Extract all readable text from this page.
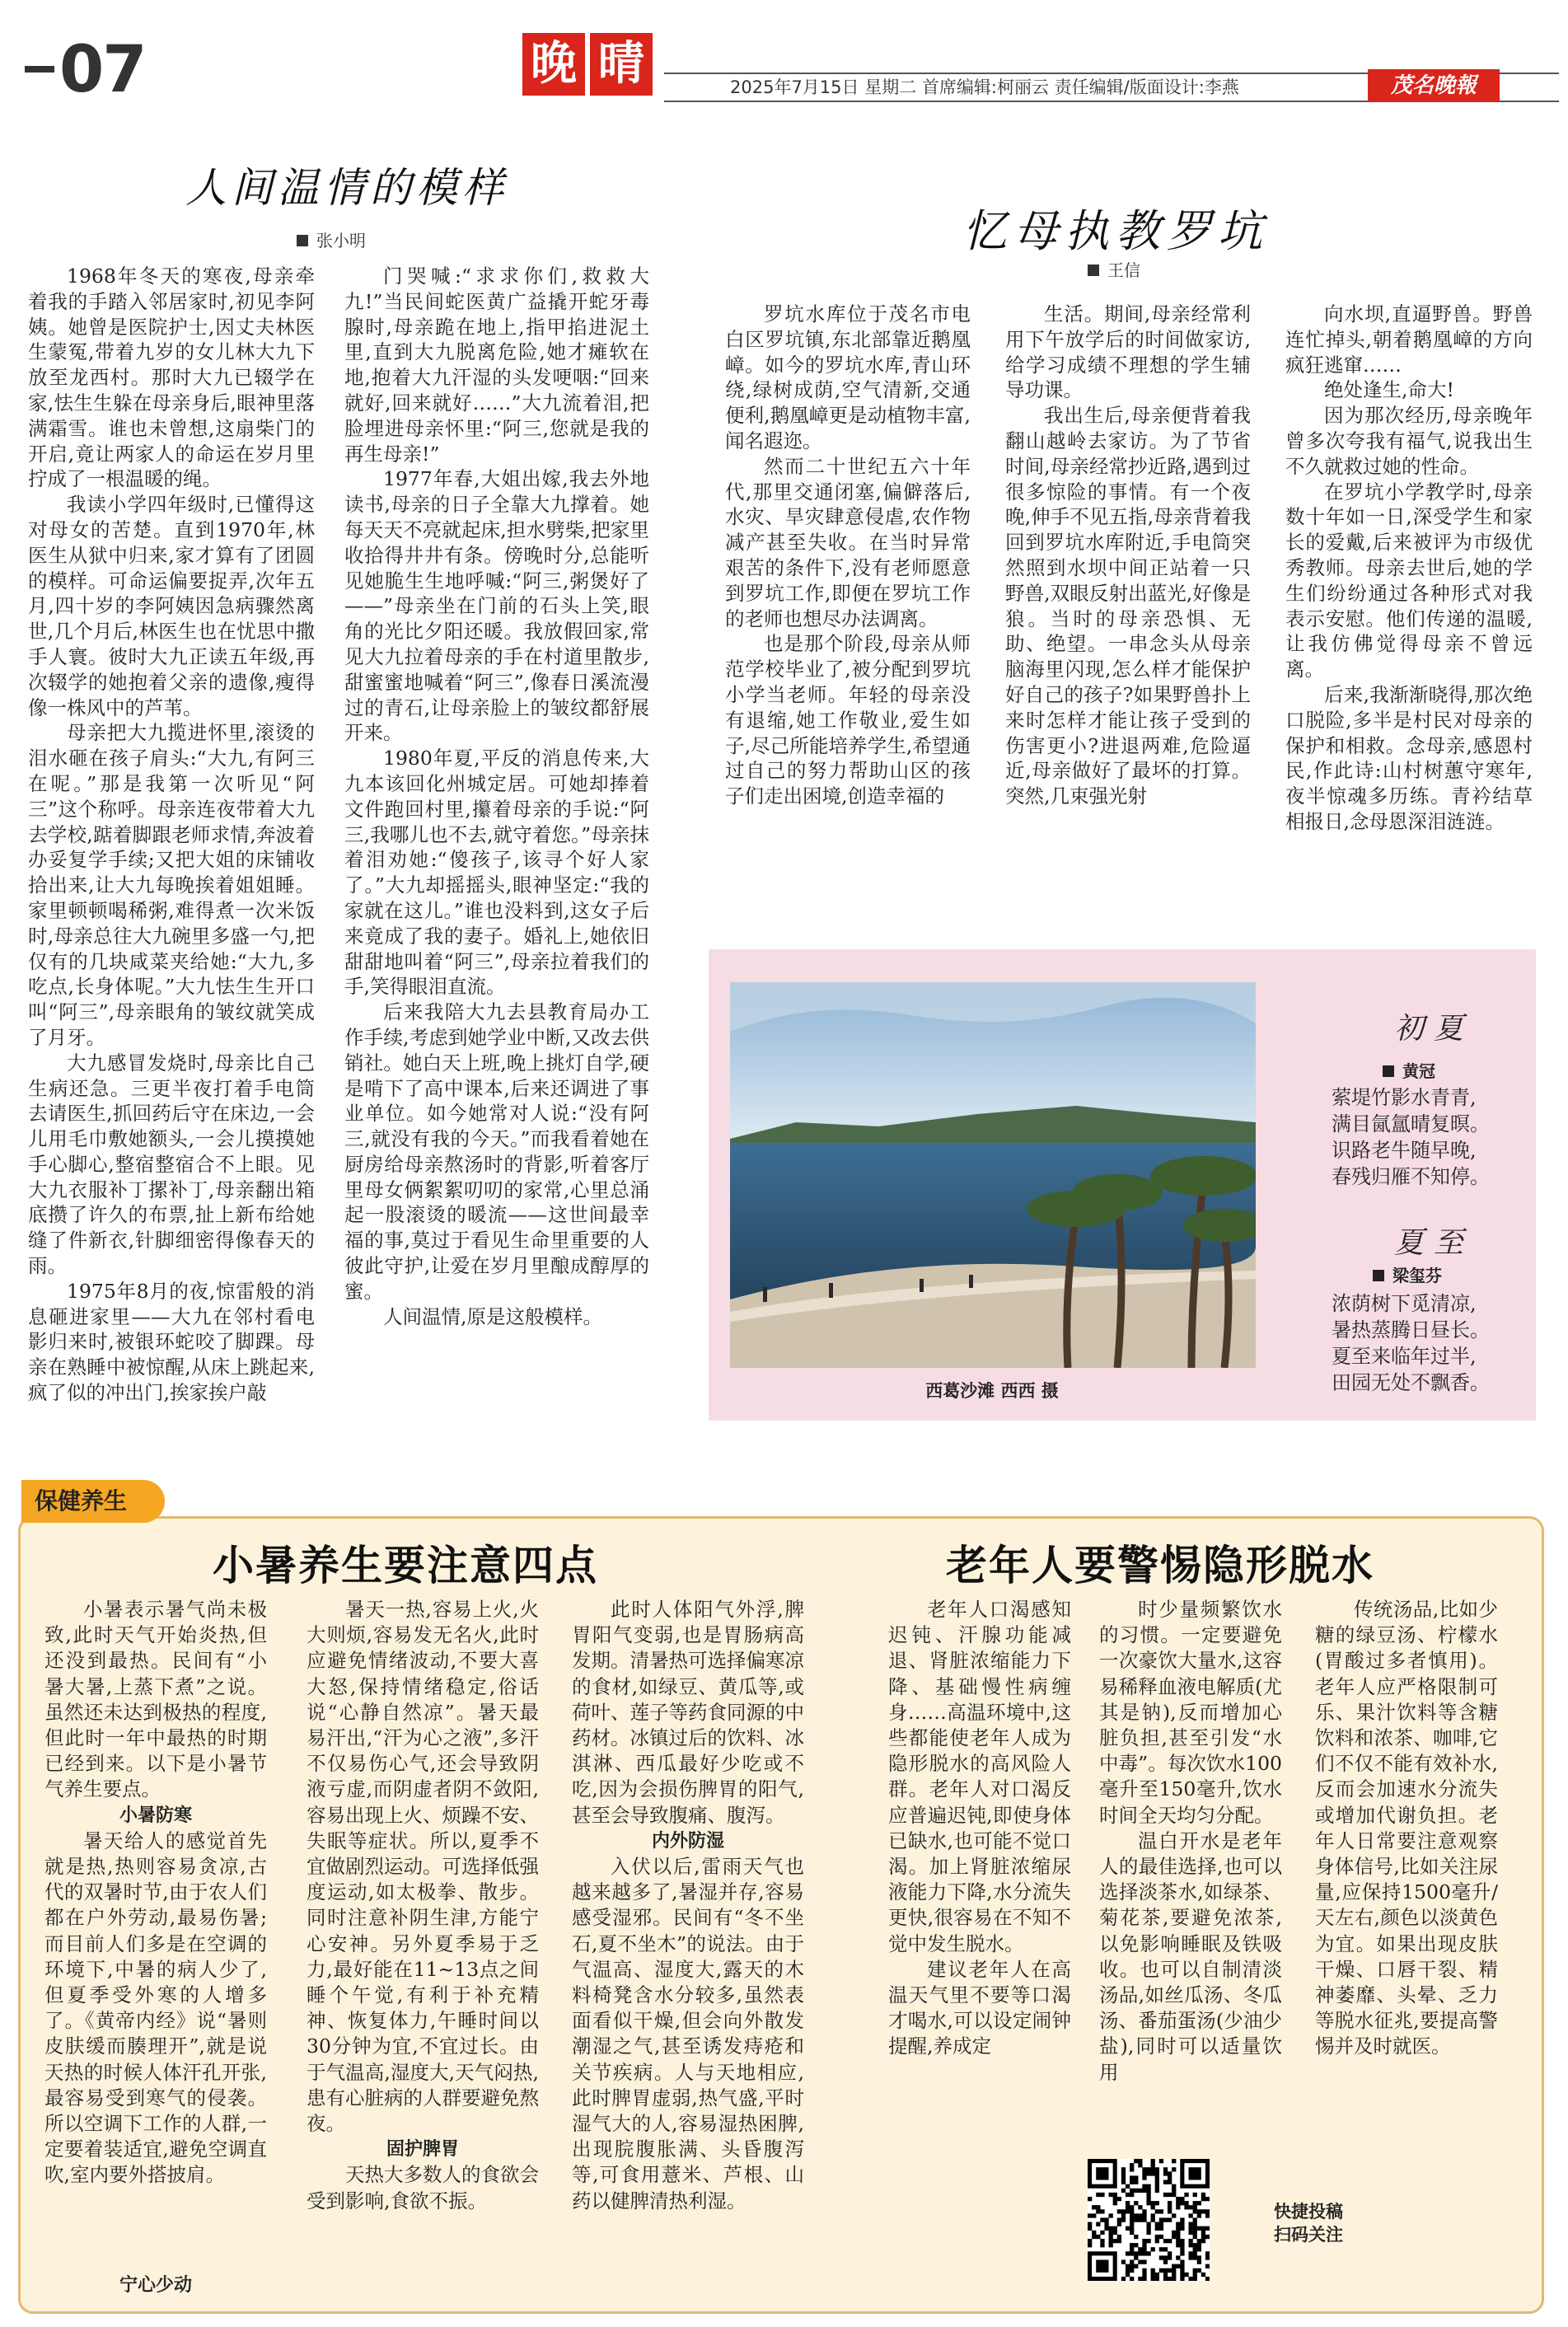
07	晚 晴	2025年7月15日 星期二 首席编辑:柯丽云 责任编辑/版面设计:李燕	茂名晚報
人间温情的模样
张小明

1968年冬天的寒夜,母亲牵着我的手踏入邻居家时,初见李阿姨。她曾是医院护士,因丈夫林医生蒙冤,带着九岁的女儿林大九下放至龙西村。那时大九已辍学在家,怯生生躲在母亲身后,眼神里落满霜雪。谁也未曾想,这扇柴门的开启,竟让两家人的命运在岁月里拧成了一根温暖的绳。

我读小学四年级时,已懂得这对母女的苦楚。直到1970年,林医生从狱中归来,家才算有了团圆的模样。可命运偏要捉弄,次年五月,四十岁的李阿姨因急病骤然离世,几个月后,林医生也在忧思中撒手人寰。彼时大九正读五年级,再次辍学的她抱着父亲的遗像,瘦得像一株风中的芦苇。

母亲把大九揽进怀里,滚烫的泪水砸在孩子肩头:“大九,有阿三在呢。”那是我第一次听见“阿三”这个称呼。母亲连夜带着大九去学校,踮着脚跟老师求情,奔波着办妥复学手续;又把大姐的床铺收拾出来,让大九每晚挨着姐姐睡。家里顿顿喝稀粥,难得煮一次米饭时,母亲总往大九碗里多盛一勺,把仅有的几块咸菜夹给她:“大九,多吃点,长身体呢。”大九怯生生开口叫“阿三”,母亲眼角的皱纹就笑成了月牙。

大九感冒发烧时,母亲比自己生病还急。三更半夜打着手电筒去请医生,抓回药后守在床边,一会儿用毛巾敷她额头,一会儿摸摸她手心脚心,整宿整宿合不上眼。见大九衣服补丁摞补丁,母亲翻出箱底攒了许久的布票,扯上新布给她缝了件新衣,针脚细密得像春天的雨。

1975年8月的夜,惊雷般的消息砸进家里——大九在邻村看电影归来时,被银环蛇咬了脚踝。母亲在熟睡中被惊醒,从床上跳起来,疯了似的冲出门,挨家挨户敲

门哭喊:“求求你们,救救大九!”当民间蛇医黄广益撬开蛇牙毒腺时,母亲跪在地上,指甲掐进泥土里,直到大九脱离危险,她才瘫软在地,抱着大九汗湿的头发哽咽:“回来就好,回来就好……”大九流着泪,把脸埋进母亲怀里:“阿三,您就是我的再生母亲!”

1977年春,大姐出嫁,我去外地读书,母亲的日子全靠大九撑着。她每天天不亮就起床,担水劈柴,把家里收拾得井井有条。傍晚时分,总能听见她脆生生地呼喊:“阿三,粥煲好了——”母亲坐在门前的石头上笑,眼角的光比夕阳还暖。我放假回家,常见大九拉着母亲的手在村道里散步,甜蜜蜜地喊着“阿三”,像春日溪流漫过的青石,让母亲脸上的皱纹都舒展开来。

1980年夏,平反的消息传来,大九本该回化州城定居。可她却捧着文件跑回村里,攥着母亲的手说:“阿三,我哪儿也不去,就守着您。”母亲抹着泪劝她:“傻孩子,该寻个好人家了。”大九却摇摇头,眼神坚定:“我的家就在这儿。”谁也没料到,这女子后来竟成了我的妻子。婚礼上,她依旧甜甜地叫着“阿三”,母亲拉着我们的手,笑得眼泪直流。

后来我陪大九去县教育局办工作手续,考虑到她学业中断,又改去供销社。她白天上班,晚上挑灯自学,硬是啃下了高中课本,后来还调进了事业单位。如今她常对人说:“没有阿三,就没有我的今天。”而我看着她在厨房给母亲熬汤时的背影,听着客厅里母女俩絮絮叨叨的家常,心里总涌起一股滚烫的暖流——这世间最幸福的事,莫过于看见生命里重要的人彼此守护,让爱在岁月里酿成醇厚的蜜。

人间温情,原是这般模样。

忆母执教罗坑
王信

罗坑水库位于茂名市电白区罗坑镇,东北部靠近鹅凰嶂。如今的罗坑水库,青山环绕,绿树成荫,空气清新,交通便利,鹅凰嶂更是动植物丰富,闻名遐迩。

然而二十世纪五六十年代,那里交通闭塞,偏僻落后,水灾、旱灾肆意侵虐,农作物减产甚至失收。在当时异常艰苦的条件下,没有老师愿意到罗坑工作,即便在罗坑工作的老师也想尽办法调离。

也是那个阶段,母亲从师范学校毕业了,被分配到罗坑小学当老师。年轻的母亲没有退缩,她工作敬业,爱生如子,尽己所能培养学生,希望通过自己的努力帮助山区的孩子们走出困境,创造幸福的

生活。期间,母亲经常利用下午放学后的时间做家访,给学习成绩不理想的学生辅导功课。

我出生后,母亲便背着我翻山越岭去家访。为了节省时间,母亲经常抄近路,遇到过很多惊险的事情。有一个夜晚,伸手不见五指,母亲背着我回到罗坑水库附近,手电筒突然照到水坝中间正站着一只野兽,双眼反射出蓝光,好像是狼。当时的母亲恐惧、无助、绝望。一串念头从母亲脑海里闪现,怎么样才能保护好自己的孩子?如果野兽扑上来时怎样才能让孩子受到的伤害更小?进退两难,危险逼近,母亲做好了最坏的打算。突然,几束强光射

向水坝,直逼野兽。野兽连忙掉头,朝着鹅凰嶂的方向疯狂逃窜……

绝处逢生,命大!

因为那次经历,母亲晚年曾多次夸我有福气,说我出生不久就救过她的性命。

在罗坑小学教学时,母亲数十年如一日,深受学生和家长的爱戴,后来被评为市级优秀教师。母亲去世后,她的学生们纷纷通过各种形式对我表示安慰。他们传递的温暖,让我仿佛觉得母亲不曾远离。

后来,我渐渐晓得,那次绝口脱险,多半是村民对母亲的保护和相救。念母亲,感恩村民,作此诗:山村树蕙守寒年,夜半惊魂多历练。青衿结草相报日,念母恩深泪涟涟。

西葛沙滩 西西 摄
初夏
黄冠
萦堤竹影水青青,
满目氤氲晴复暝。
识路老牛随早晚,
春残归雁不知停。
夏至
梁玺芬
浓荫树下觅清凉,
暑热蒸腾日昼长。
夏至来临年过半,
田园无处不飘香。
保健养生
小暑养生要注意四点

小暑表示暑气尚未极致,此时天气开始炎热,但还没到最热。民间有“小暑大暑,上蒸下煮”之说。虽然还未达到极热的程度,但此时一年中最热的时期已经到来。以下是小暑节气养生要点。

小暑防寒

暑天给人的感觉首先就是热,热则容易贪凉,古代的双暑时节,由于农人们都在户外劳动,最易伤暑;而目前人们多是在空调的环境下,中暑的病人少了,但夏季受外寒的人增多了。《黄帝内经》说“暑则皮肤缓而腠理开”,就是说天热的时候人体汗孔开张,最容易受到寒气的侵袭。所以空调下工作的人群,一定要着装适宜,避免空调直吹,室内要外搭披肩。

暑天一热,容易上火,火大则烦,容易发无名火,此时应避免情绪波动,不要大喜大怒,保持情绪稳定,俗话说“心静自然凉”。暑天最易汗出,“汗为心之液”,多汗不仅易伤心气,还会导致阴液亏虚,而阴虚者阴不敛阳,容易出现上火、烦躁不安、失眠等症状。所以,夏季不宜做剧烈运动。可选择低强度运动,如太极拳、散步。同时注意补阴生津,方能宁心安神。另外夏季易于乏力,最好能在11~13点之间睡个午觉,有利于补充精神、恢复体力,午睡时间以30分钟为宜,不宜过长。由于气温高,湿度大,天气闷热,患有心脏病的人群要避免熬夜。

固护脾胃

天热大多数人的食欲会受到影响,食欲不振。

此时人体阳气外浮,脾胃阳气变弱,也是胃肠病高发期。清暑热可选择偏寒凉的食材,如绿豆、黄瓜等,或荷叶、莲子等药食同源的中药材。冰镇过后的饮料、冰淇淋、西瓜最好少吃或不吃,因为会损伤脾胃的阳气,甚至会导致腹痛、腹泻。

内外防湿

入伏以后,雷雨天气也越来越多了,暑湿并存,容易感受湿邪。民间有“冬不坐石,夏不坐木”的说法。由于气温高、湿度大,露天的木料椅凳含水分较多,虽然表面看似干燥,但会向外散发潮湿之气,甚至诱发痔疮和关节疾病。人与天地相应,此时脾胃虚弱,热气盛,平时湿气大的人,容易湿热困脾,出现脘腹胀满、头昏腹泻等,可食用薏米、芦根、山药以健脾清热利湿。

宁心少动
老年人要警惕隐形脱水

老年人口渴感知迟钝、汗腺功能减退、肾脏浓缩能力下降、基础慢性病缠身……高温环境中,这些都能使老年人成为隐形脱水的高风险人群。老年人对口渴反应普遍迟钝,即使身体已缺水,也可能不觉口渴。加上肾脏浓缩尿液能力下降,水分流失更快,很容易在不知不觉中发生脱水。

建议老年人在高温天气里不要等口渴才喝水,可以设定闹钟提醒,养成定

时少量频繁饮水的习惯。一定要避免一次豪饮大量水,这容易稀释血液电解质(尤其是钠),反而增加心脏负担,甚至引发“水中毒”。每次饮水100毫升至150毫升,饮水时间全天均匀分配。

温白开水是老年人的最佳选择,也可以选择淡茶水,如绿茶、菊花茶,要避免浓茶,以免影响睡眠及铁吸收。也可以自制清淡汤品,如丝瓜汤、冬瓜汤、番茄蛋汤(少油少盐),同时可以适量饮用

传统汤品,比如少糖的绿豆汤、柠檬水(胃酸过多者慎用)。老年人应严格限制可乐、果汁饮料等含糖饮料和浓茶、咖啡,它们不仅不能有效补水,反而会加速水分流失或增加代谢负担。老年人日常要注意观察身体信号,比如关注尿量,应保持1500毫升/天左右,颜色以淡黄色为宜。如果出现皮肤干燥、口唇干裂、精神萎靡、头晕、乏力等脱水征兆,要提高警惕并及时就医。

快捷投稿
扫码关注
